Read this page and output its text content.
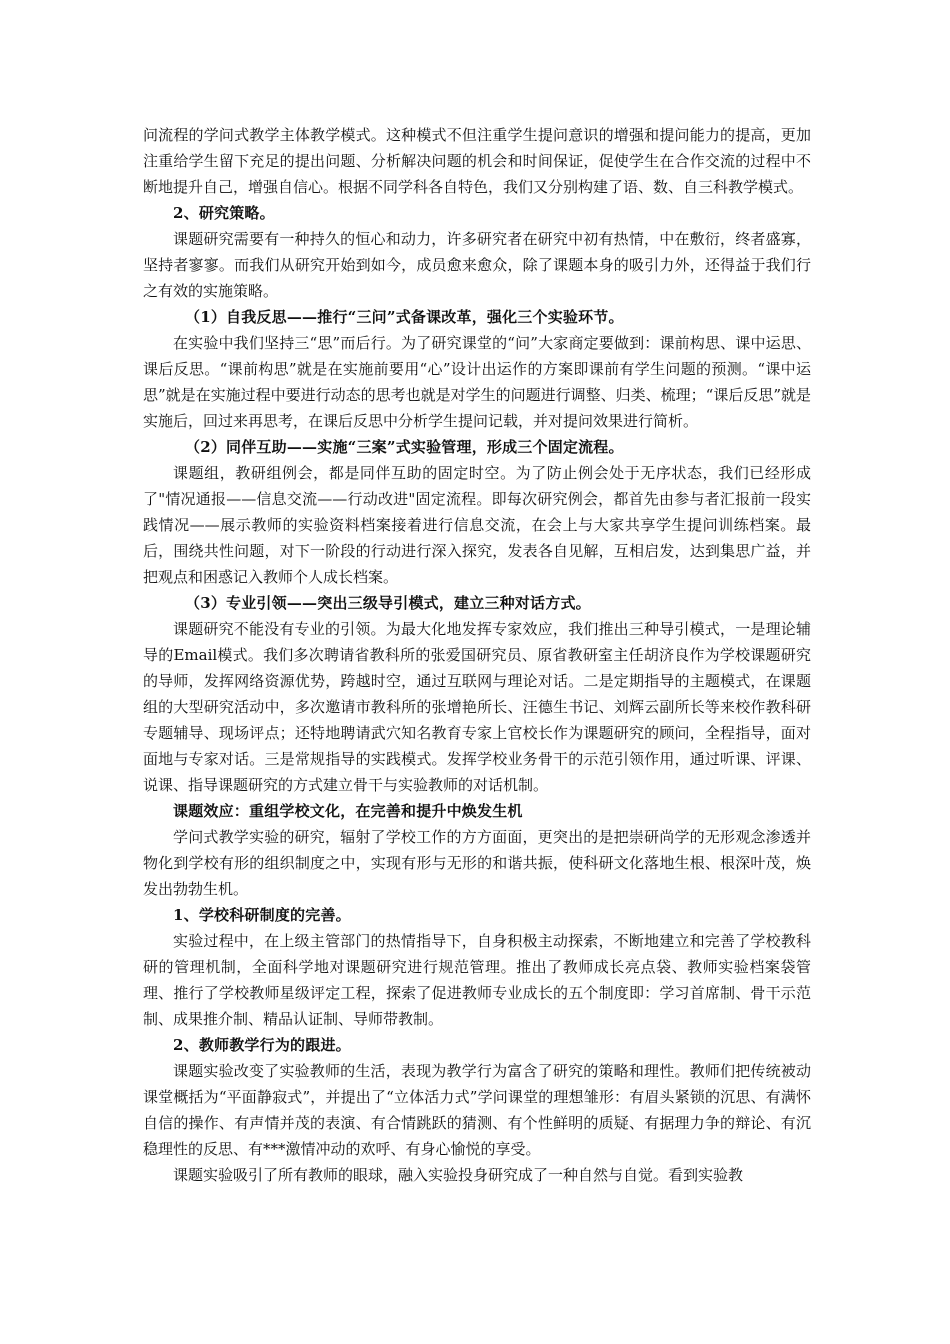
问流程的学问式教学主体教学模式。这种模式不但注重学生提问意识的增强和提问能力的提高，更加注重给学生留下充足的提出问题、分析解决问题的机会和时间保证，促使学生在合作交流的过程中不断地提升自己，增强自信心。根据不同学科各自特色，我们又分别构建了语、数、自三科教学模式。

2、研究策略。

课题研究需要有一种持久的恒心和动力，许多研究者在研究中初有热情，中在敷衍，终者盛寡，坚持者寥寥。而我们从研究开始到如今，成员愈来愈众，除了课题本身的吸引力外，还得益于我们行之有效的实施策略。

（1）自我反思——推行“三问”式备课改革，强化三个实验环节。

在实验中我们坚持三“思”而后行。为了研究课堂的“问”大家商定要做到：课前构思、课中运思、课后反思。“课前构思”就是在实施前要用“心”设计出运作的方案即课前有学生问题的预测。“课中运思”就是在实施过程中要进行动态的思考也就是对学生的问题进行调整、归类、梳理；“课后反思”就是实施后，回过来再思考，在课后反思中分析学生提问记载，并对提问效果进行简析。

（2）同伴互助——实施“三案”式实验管理，形成三个固定流程。

课题组，教研组例会，都是同伴互助的固定时空。为了防止例会处于无序状态，我们已经形成了"情况通报——信息交流——行动改进"固定流程。即每次研究例会，都首先由参与者汇报前一段实践情况——展示教师的实验资料档案接着进行信息交流，在会上与大家共享学生提问训练档案。最后，围绕共性问题，对下一阶段的行动进行深入探究，发表各自见解，互相启发，达到集思广益，并把观点和困惑记入教师个人成长档案。

（3）专业引领——突出三级导引模式，建立三种对话方式。

课题研究不能没有专业的引领。为最大化地发挥专家效应，我们推出三种导引模式，一是理论辅导的Email模式。我们多次聘请省教科所的张爱国研究员、原省教研室主任胡济良作为学校课题研究的导师，发挥网络资源优势，跨越时空，通过互联网与理论对话。二是定期指导的主题模式，在课题组的大型研究活动中，多次邀请市教科所的张增艳所长、汪德生书记、刘辉云副所长等来校作教科研专题辅导、现场评点；还特地聘请武穴知名教育专家上官校长作为课题研究的顾问，全程指导，面对面地与专家对话。三是常规指导的实践模式。发挥学校业务骨干的示范引领作用，通过听课、评课、说课、指导课题研究的方式建立骨干与实验教师的对话机制。

课题效应：重组学校文化，在完善和提升中焕发生机

学问式教学实验的研究，辐射了学校工作的方方面面，更突出的是把崇研尚学的无形观念渗透并物化到学校有形的组织制度之中，实现有形与无形的和谐共振，使科研文化落地生根、根深叶茂，焕发出勃勃生机。

1、学校科研制度的完善。

实验过程中，在上级主管部门的热情指导下，自身积极主动探索，不断地建立和完善了学校教科研的管理机制，全面科学地对课题研究进行规范管理。推出了教师成长亮点袋、教师实验档案袋管理、推行了学校教师星级评定工程，探索了促进教师专业成长的五个制度即：学习首席制、骨干示范制、成果推介制、精品认证制、导师带教制。

2、教师教学行为的跟进。

课题实验改变了实验教师的生活，表现为教学行为富含了研究的策略和理性。教师们把传统被动课堂概括为“平面静寂式”，并提出了“立体活力式”学问课堂的理想雏形：有眉头紧锁的沉思、有满怀自信的操作、有声情并茂的表演、有合情跳跃的猜测、有个性鲜明的质疑、有据理力争的辩论、有沉稳理性的反思、有***激情冲动的欢呼、有身心愉悦的享受。

课题实验吸引了所有教师的眼球，融入实验投身研究成了一种自然与自觉。看到实验教
